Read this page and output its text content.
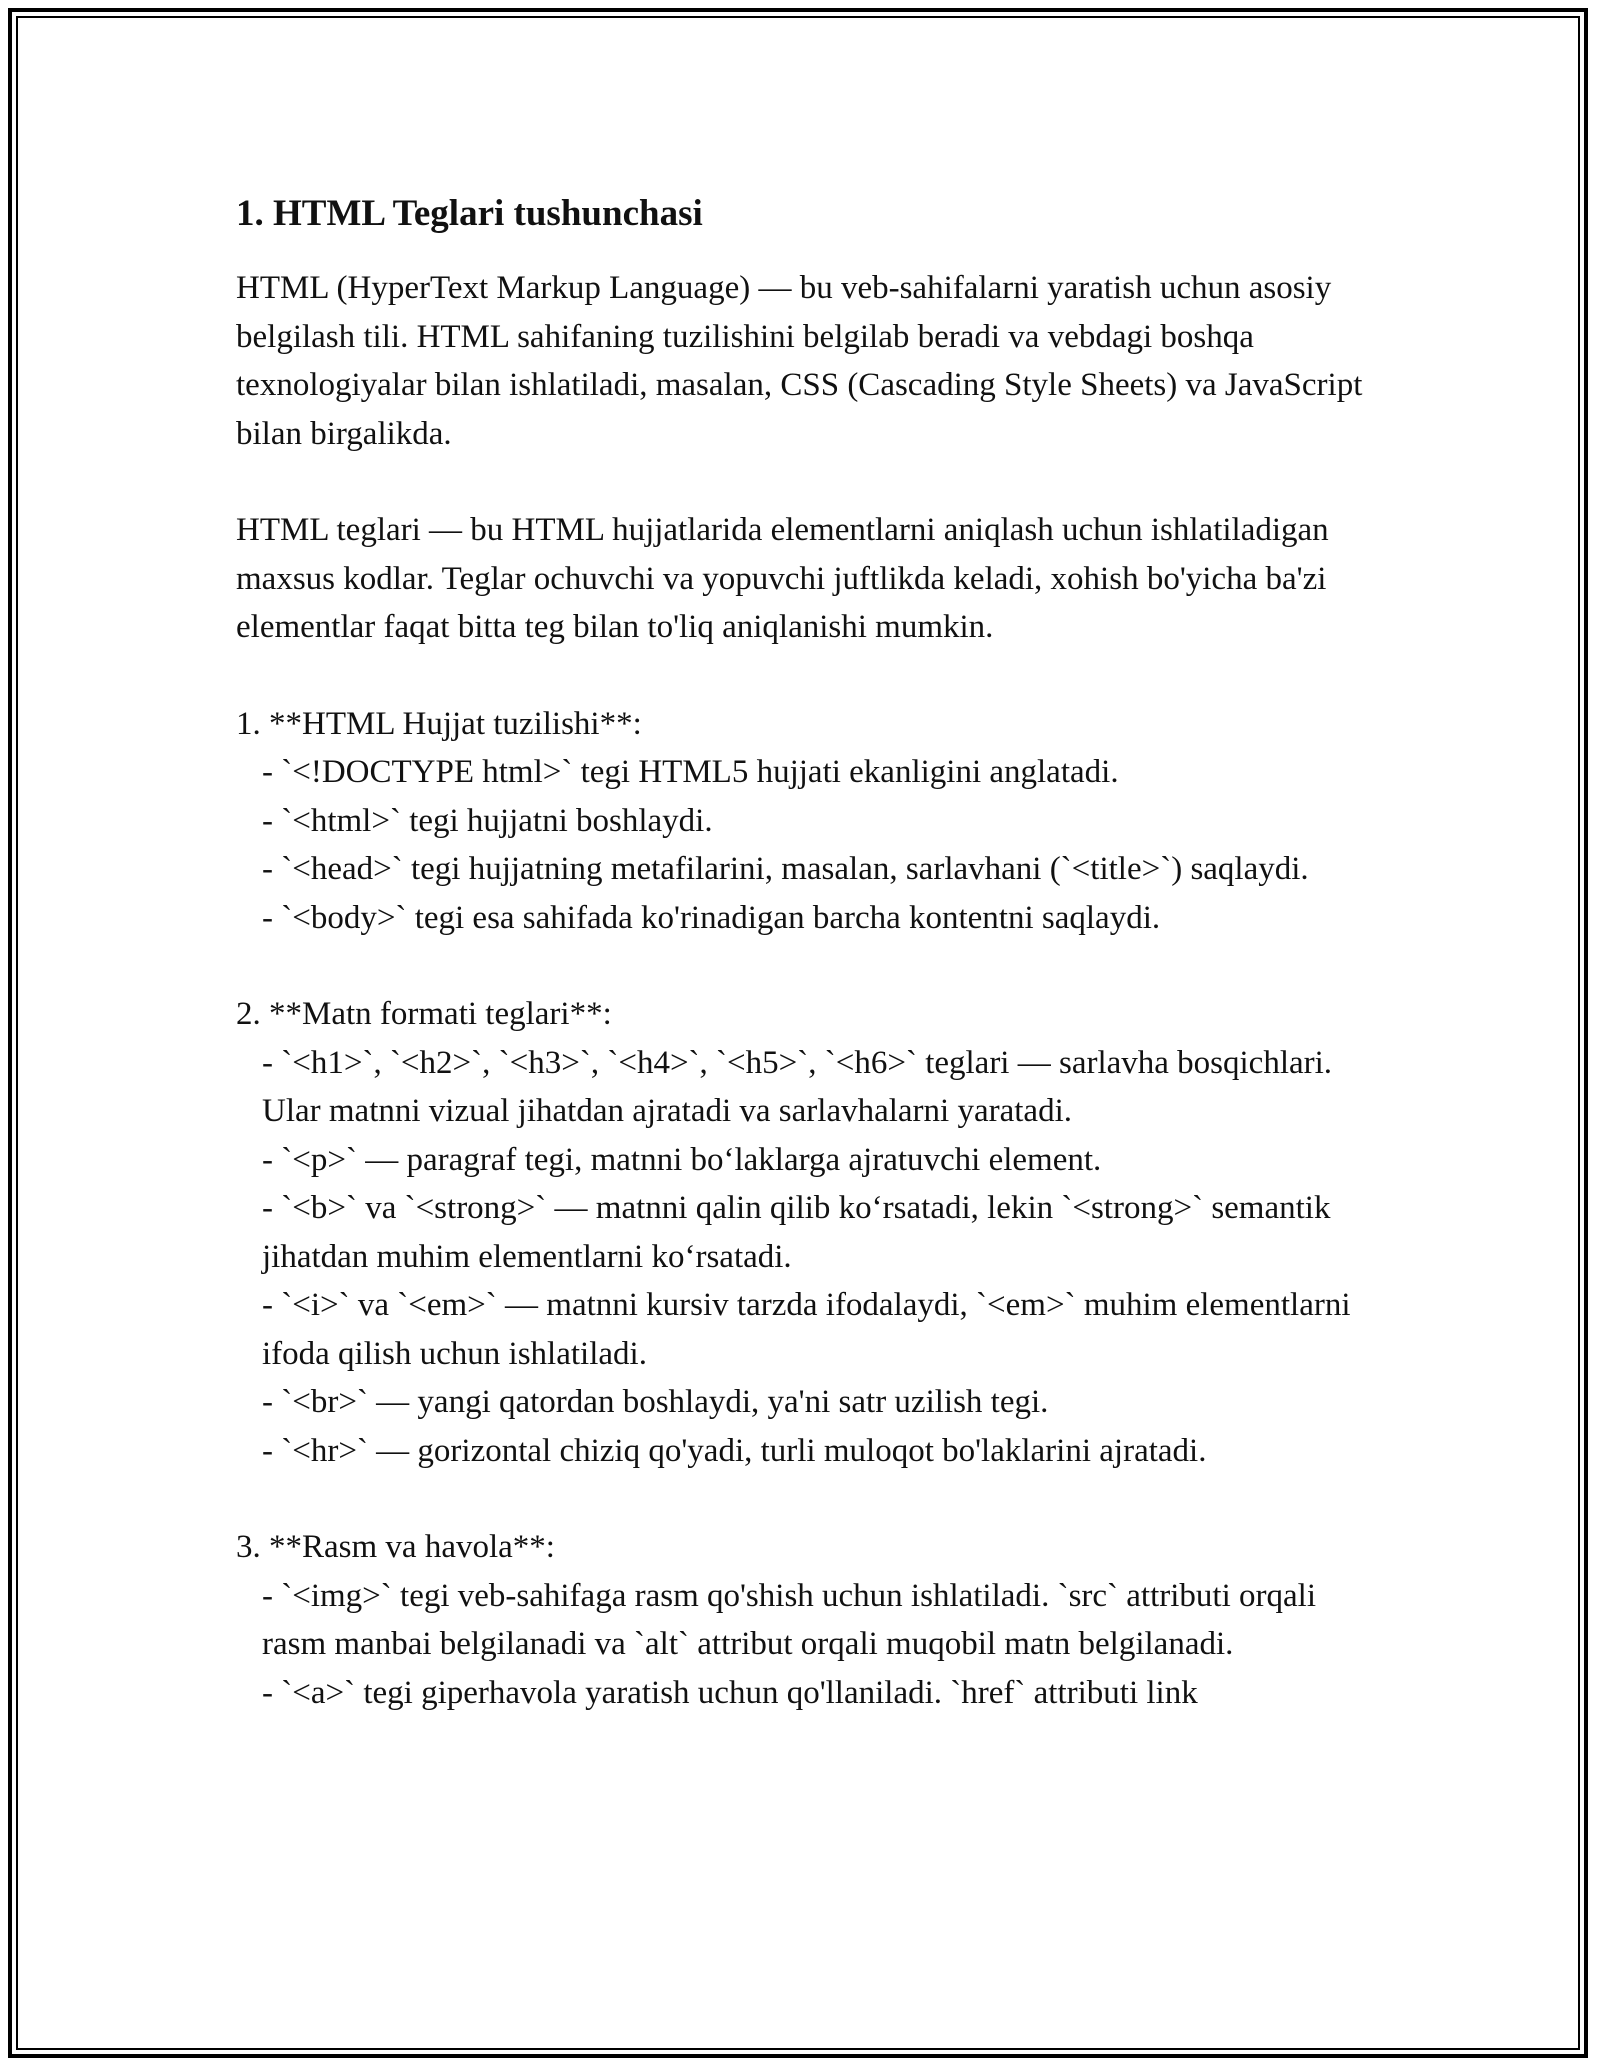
1. HTML Teglari tushunchasi

HTML (HyperText Markup Language) — bu veb-sahifalarni yaratish uchun asosiy belgilash tili. HTML sahifaning tuzilishini belgilab beradi va vebdagi boshqa texnologiyalar bilan ishlatiladi, masalan, CSS (Cascading Style Sheets) va JavaScript bilan birgalikda.

HTML teglari — bu HTML hujjatlarida elementlarni aniqlash uchun ishlatiladigan maxsus kodlar. Teglar ochuvchi va yopuvchi juftlikda keladi, xohish bo'yicha ba'zi elementlar faqat bitta teg bilan to'liq aniqlanishi mumkin.

1. **HTML Hujjat tuzilishi**:
- `<!DOCTYPE html>` tegi HTML5 hujjati ekanligini anglatadi.
- `<html>` tegi hujjatni boshlaydi.
- `<head>` tegi hujjatning metafilarini, masalan, sarlavhani (`<title>`) saqlaydi.
- `<body>` tegi esa sahifada ko'rinadigan barcha kontentni saqlaydi.
2. **Matn formati teglari**:
- `<h1>`, `<h2>`, `<h3>`, `<h4>`, `<h5>`, `<h6>` teglari — sarlavha bosqichlari. Ular matnni vizual jihatdan ajratadi va sarlavhalarni yaratadi.
- `<p>` — paragraf tegi, matnni bo‘laklarga ajratuvchi element.
- `<b>` va `<strong>` — matnni qalin qilib ko‘rsatadi, lekin `<strong>` semantik jihatdan muhim elementlarni ko‘rsatadi.
- `<i>` va `<em>` — matnni kursiv tarzda ifodalaydi, `<em>` muhim elementlarni ifoda qilish uchun ishlatiladi.
- `<br>` — yangi qatordan boshlaydi, ya'ni satr uzilish tegi.
- `<hr>` — gorizontal chiziq qo'yadi, turli muloqot bo'laklarini ajratadi.
3. **Rasm va havola**:
- `<img>` tegi veb-sahifaga rasm qo'shish uchun ishlatiladi. `src` attributi orqali rasm manbai belgilanadi va `alt` attribut orqali muqobil matn belgilanadi.
- `<a>` tegi giperhavola yaratish uchun qo'llaniladi. `href` attributi link
